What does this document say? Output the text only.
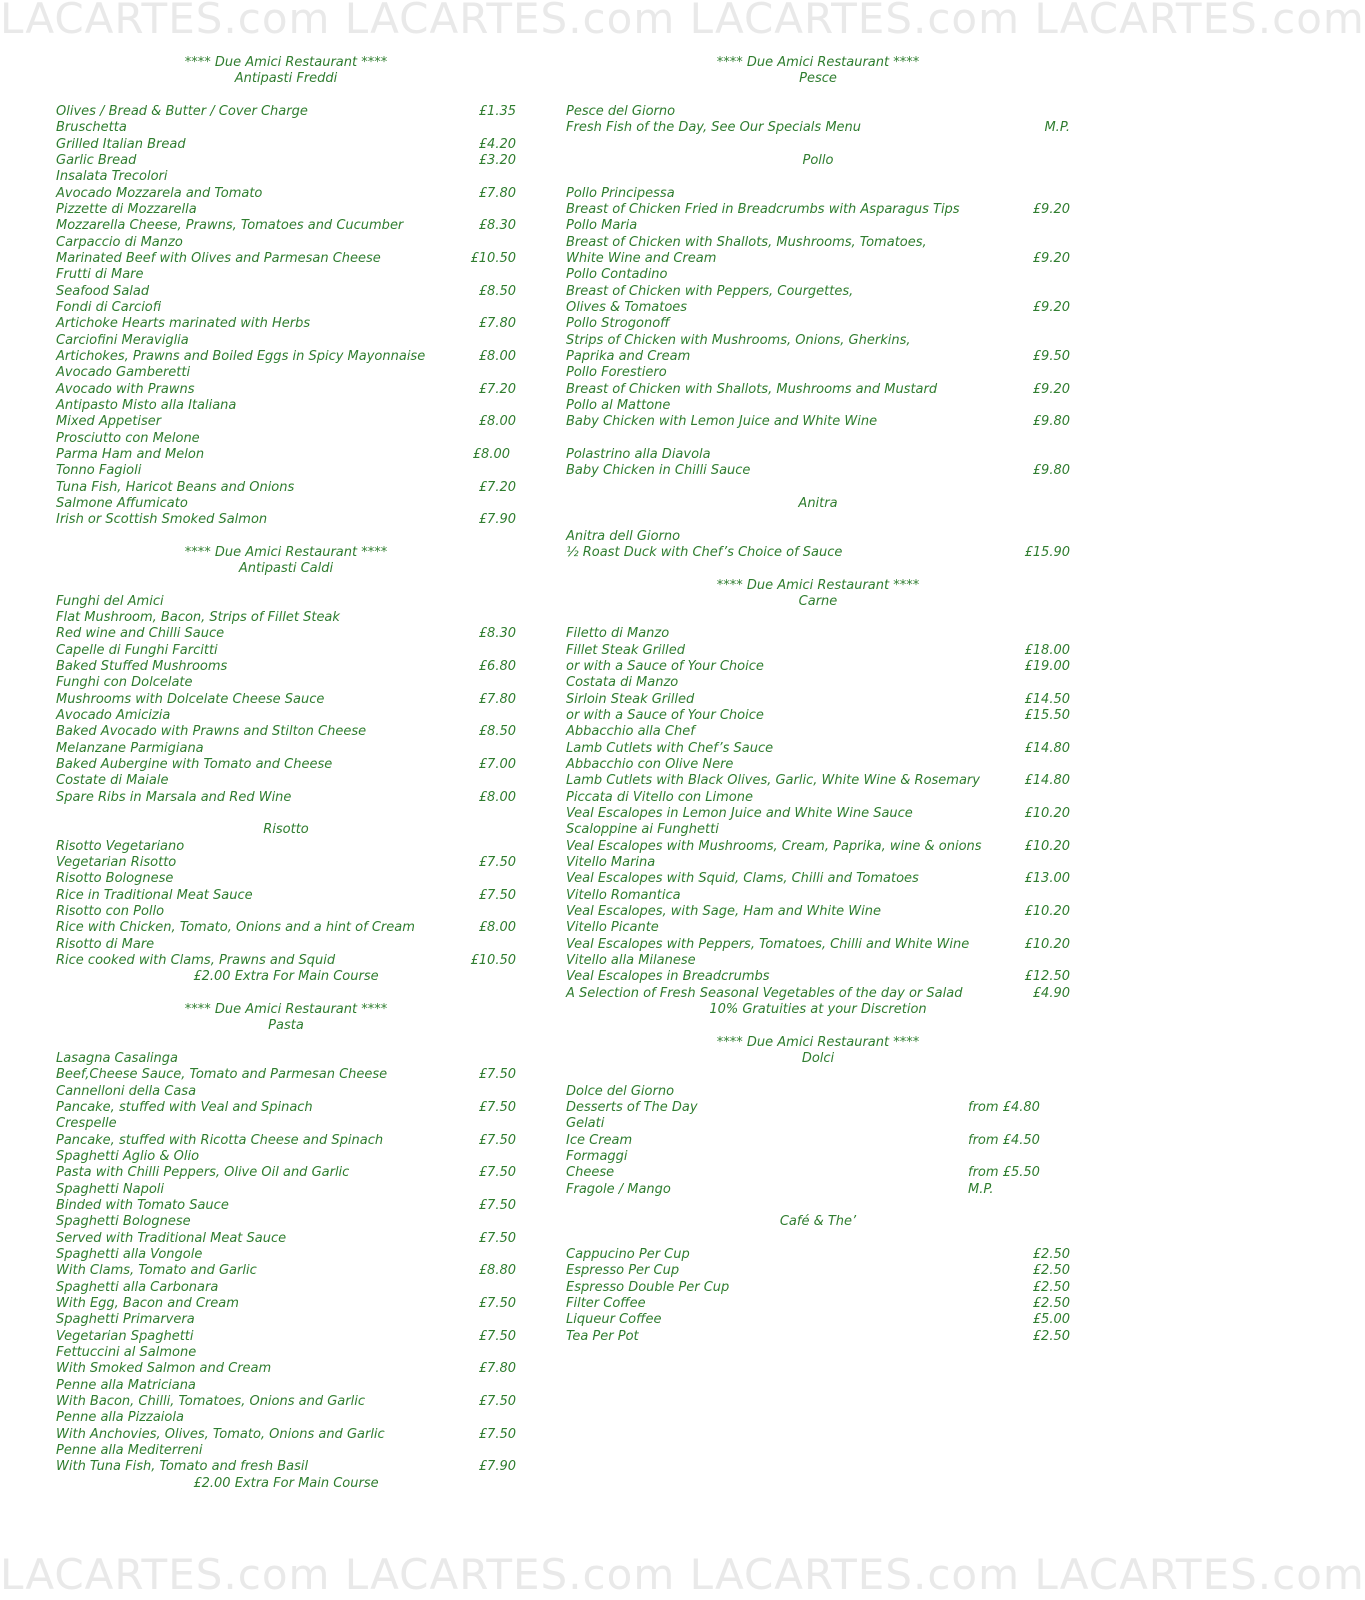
LACARTES.com LACARTES.com LACARTES.com LACARTES.com
LACARTES.com LACARTES.com LACARTES.com LACARTES.com
**** Due Amici Restaurant ****
Antipasti Freddi
Olives / Bread & Butter / Cover Charge	£1.35
Bruschetta
Grilled Italian Bread	£4.20
Garlic Bread	£3.20
Insalata Trecolori
Avocado Mozzarela and Tomato	£7.80
Pizzette di Mozzarella
Mozzarella Cheese, Prawns, Tomatoes and Cucumber	£8.30
Carpaccio di Manzo
Marinated Beef with Olives and Parmesan Cheese	£10.50
Frutti di Mare
Seafood Salad	£8.50
Fondi di Carciofi
Artichoke Hearts marinated with Herbs	£7.80
Carciofini Meraviglia
Artichokes, Prawns and Boiled Eggs in Spicy Mayonnaise	£8.00
Avocado Gamberetti
Avocado with Prawns	£7.20
Antipasto Misto alla Italiana
Mixed Appetiser	£8.00
Prosciutto con Melone
Parma Ham and Melon	£8.00
Tonno Fagioli
Tuna Fish, Haricot Beans and Onions	£7.20
Salmone Affumicato
Irish or Scottish Smoked Salmon	£7.90
**** Due Amici Restaurant ****
Antipasti Caldi
Funghi del Amici
Flat Mushroom, Bacon, Strips of Fillet Steak
Red wine and Chilli Sauce	£8.30
Capelle di Funghi Farcitti
Baked Stuffed Mushrooms	£6.80
Funghi con Dolcelate
Mushrooms with Dolcelate Cheese Sauce	£7.80
Avocado Amicizia
Baked Avocado with Prawns and Stilton Cheese	£8.50
Melanzane Parmigiana
Baked Aubergine with Tomato and Cheese	£7.00
Costate di Maiale
Spare Ribs in Marsala and Red Wine	£8.00
Risotto
Risotto Vegetariano
Vegetarian Risotto	£7.50
Risotto Bolognese
Rice in Traditional Meat Sauce	£7.50
Risotto con Pollo
Rice with Chicken, Tomato, Onions and a hint of Cream	£8.00
Risotto di Mare
Rice cooked with Clams, Prawns and Squid	£10.50
£2.00 Extra For Main Course
**** Due Amici Restaurant ****
Pasta
Lasagna Casalinga
Beef,Cheese Sauce, Tomato and Parmesan Cheese	£7.50
Cannelloni della Casa
Pancake, stuffed with Veal and Spinach	£7.50
Crespelle
Pancake, stuffed with Ricotta Cheese and Spinach	£7.50
Spaghetti Aglio & Olio
Pasta with Chilli Peppers, Olive Oil and Garlic	£7.50
Spaghetti Napoli
Binded with Tomato Sauce	£7.50
Spaghetti Bolognese
Served with Traditional Meat Sauce	£7.50
Spaghetti alla Vongole
With Clams, Tomato and Garlic	£8.80
Spaghetti alla Carbonara
With Egg, Bacon and Cream	£7.50
Spaghetti Primarvera
Vegetarian Spaghetti	£7.50
Fettuccini al Salmone
With Smoked Salmon and Cream	£7.80
Penne alla Matriciana
With Bacon, Chilli, Tomatoes, Onions and Garlic	£7.50
Penne alla Pizzaiola
With Anchovies, Olives, Tomato, Onions and Garlic	£7.50
Penne alla Mediterreni
With Tuna Fish, Tomato and fresh Basil	£7.90
£2.00 Extra For Main Course
**** Due Amici Restaurant ****
Pesce
Pesce del Giorno
Fresh Fish of the Day, See Our Specials Menu	M.P.
Pollo
Pollo Principessa
Breast of Chicken Fried in Breadcrumbs with Asparagus Tips	£9.20
Pollo Maria
Breast of Chicken with Shallots, Mushrooms, Tomatoes,
White Wine and Cream	£9.20
Pollo Contadino
Breast of Chicken with Peppers, Courgettes,
Olives & Tomatoes	£9.20
Pollo Strogonoff
Strips of Chicken with Mushrooms, Onions, Gherkins,
Paprika and Cream	£9.50
Pollo Forestiero
Breast of Chicken with Shallots, Mushrooms and Mustard	£9.20
Pollo al Mattone
Baby Chicken with Lemon Juice and White Wine	£9.80
Polastrino alla Diavola
Baby Chicken in Chilli Sauce	£9.80
Anitra
Anitra dell Giorno
½ Roast Duck with Chef’s Choice of Sauce	£15.90
**** Due Amici Restaurant ****
Carne
Filetto di Manzo
Fillet Steak Grilled	£18.00
or with a Sauce of Your Choice	£19.00
Costata di Manzo
Sirloin Steak Grilled	£14.50
or with a Sauce of Your Choice	£15.50
Abbacchio alla Chef
Lamb Cutlets with Chef’s Sauce	£14.80
Abbacchio con Olive Nere
Lamb Cutlets with Black Olives, Garlic, White Wine & Rosemary	£14.80
Piccata di Vitello con Limone
Veal Escalopes in Lemon Juice and White Wine Sauce	£10.20
Scaloppine ai Funghetti
Veal Escalopes with Mushrooms, Cream, Paprika, wine & onions	£10.20
Vitello Marina
Veal Escalopes with Squid, Clams, Chilli and Tomatoes	£13.00
Vitello Romantica
Veal Escalopes, with Sage, Ham and White Wine	£10.20
Vitello Picante
Veal Escalopes with Peppers, Tomatoes, Chilli and White Wine	£10.20
Vitello alla Milanese
Veal Escalopes in Breadcrumbs	£12.50
A Selection of Fresh Seasonal Vegetables of the day or Salad	£4.90
10% Gratuities at your Discretion
**** Due Amici Restaurant ****
Dolci
Dolce del Giorno
Desserts of The Day	from £4.80
Gelati
Ice Cream	from £4.50
Formaggi
Cheese	from £5.50
Fragole / Mango	M.P.
Café & The’
Cappucino Per Cup	£2.50
Espresso Per Cup	£2.50
Espresso Double Per Cup	£2.50
Filter Coffee	£2.50
Liqueur Coffee	£5.00
Tea Per Pot	£2.50
